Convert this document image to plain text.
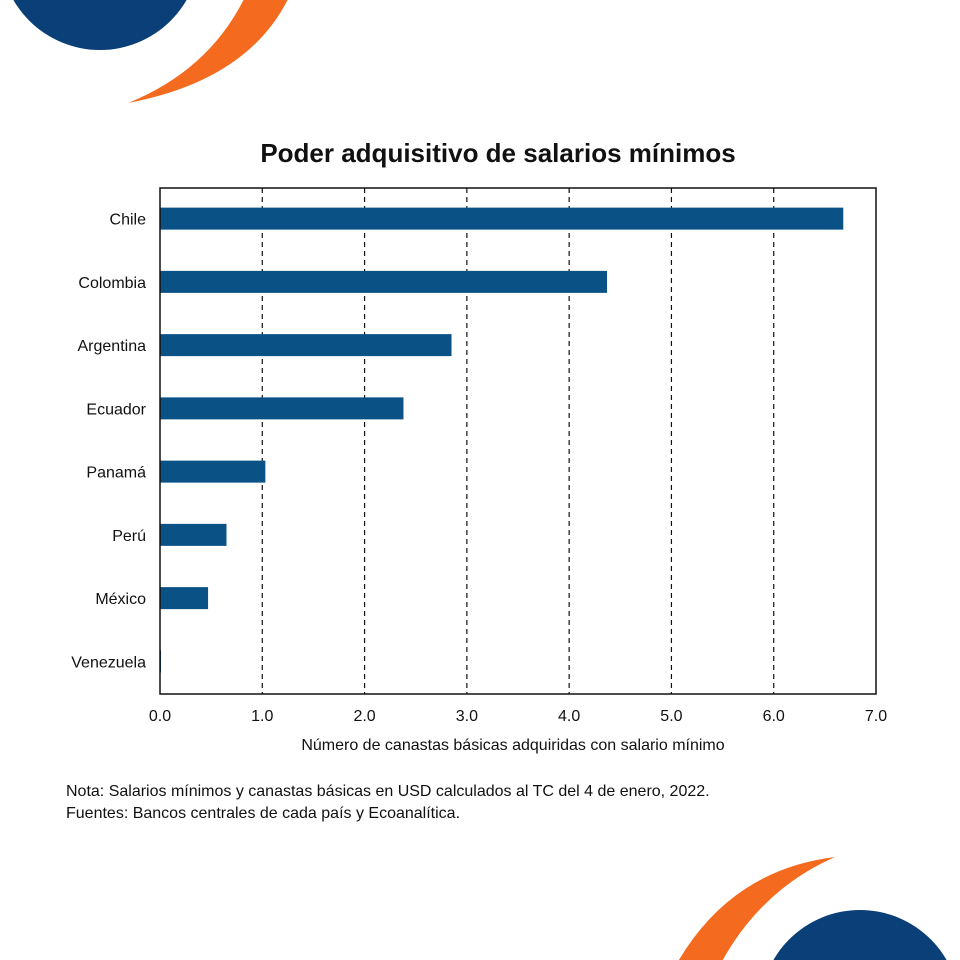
Poder adquisitivo de salarios mínimos
Chile
Colombia
Argentina
Ecuador
Panamá
Perú
México
Venezuela
0.0	1.0	2.0	3.0	4.0	5.0	6.0	7.0
Número de canastas básicas adquiridas con salario mínimo
Nota: Salarios mínimos y canastas básicas en USD calculados al TC del 4 de enero, 2022.
Fuentes: Bancos centrales de cada país y Ecoanalítica.
